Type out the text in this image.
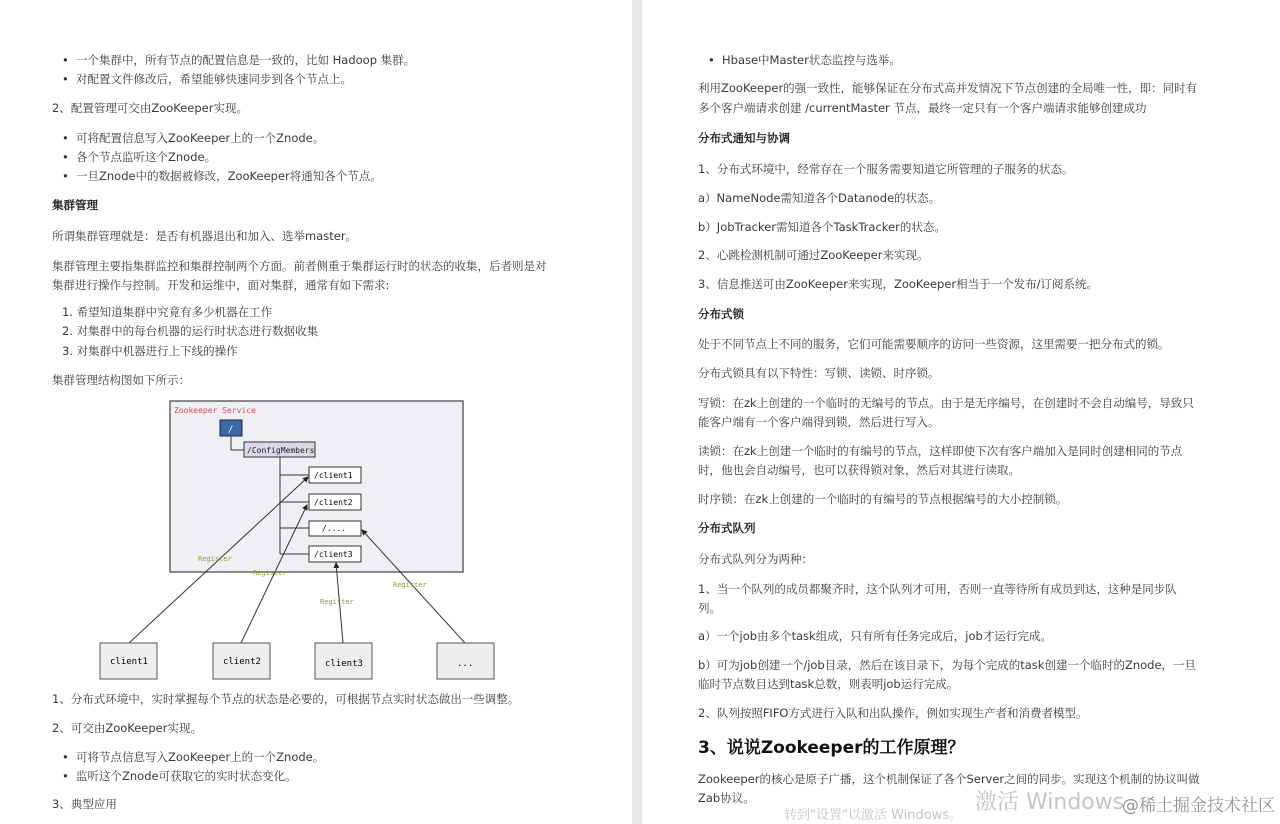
• 一个集群中，所有节点的配置信息是一致的，比如 Hadoop 集群。
• 对配置文件修改后，希望能够快速同步到各个节点上。
2、配置管理可交由ZooKeeper实现。
• 可将配置信息写入ZooKeeper上的一个Znode。
• 各个节点监听这个Znode。
• 一旦Znode中的数据被修改，ZooKeeper将通知各个节点。
集群管理
所谓集群管理就是：是否有机器退出和加入、选举master。
集群管理主要指集群监控和集群控制两个方面。前者侧重于集群运行时的状态的收集，后者则是对
集群进行操作与控制。开发和运维中，面对集群，通常有如下需求:
1. 希望知道集群中究竟有多少机器在工作
2. 对集群中的每台机器的运行时状态进行数据收集
3. 对集群中机器进行上下线的操作
集群管理结构图如下所示：
Zookeeper Service
/
/ConfigMembers
/client1
/client2
/....
/client3
Register
Register
Register
Register
client1	client2	client3	...
1、分布式环境中，实时掌握每个节点的状态是必要的，可根据节点实时状态做出一些调整。
2、可交由ZooKeeper实现。
• 可将节点信息写入ZooKeeper上的一个Znode。
• 监听这个Znode可获取它的实时状态变化。
3、典型应用
• Hbase中Master状态监控与选举。
利用ZooKeeper的强一致性，能够保证在分布式高并发情况下节点创建的全局唯一性，即：同时有
多个客户端请求创建 /currentMaster 节点，最终一定只有一个客户端请求能够创建成功
分布式通知与协调
1、分布式环境中，经常存在一个服务需要知道它所管理的子服务的状态。
a）NameNode需知道各个Datanode的状态。
b）JobTracker需知道各个TaskTracker的状态。
2、心跳检测机制可通过ZooKeeper来实现。
3、信息推送可由ZooKeeper来实现，ZooKeeper相当于一个发布/订阅系统。
分布式锁
处于不同节点上不同的服务，它们可能需要顺序的访问一些资源，这里需要一把分布式的锁。
分布式锁具有以下特性：写锁、读锁、时序锁。
写锁：在zk上创建的一个临时的无编号的节点。由于是无序编号，在创建时不会自动编号，导致只
能客户端有一个客户端得到锁，然后进行写入。
读锁：在zk上创建一个临时的有编号的节点，这样即使下次有客户端加入是同时创建相同的节点
时，他也会自动编号，也可以获得锁对象，然后对其进行读取。
时序锁：在zk上创建的一个临时的有编号的节点根据编号的大小控制锁。
分布式队列
分布式队列分为两种：
1、当一个队列的成员都聚齐时，这个队列才可用，否则一直等待所有成员到达，这种是同步队
列。
a）一个job由多个task组成，只有所有任务完成后，job才运行完成。
b）可为job创建一个/job目录，然后在该目录下，为每个完成的task创建一个临时的Znode，一旦
临时节点数目达到task总数，则表明job运行完成。
2、队列按照FIFO方式进行入队和出队操作，例如实现生产者和消费者模型。
3、说说Zookeeper的工作原理？
Zookeeper的核心是原子广播，这个机制保证了各个Server之间的同步。实现这个机制的协议叫做
Zab协议。
转到"设置"以激活 Windows。
激活 Windows
@稀土掘金技术社区
